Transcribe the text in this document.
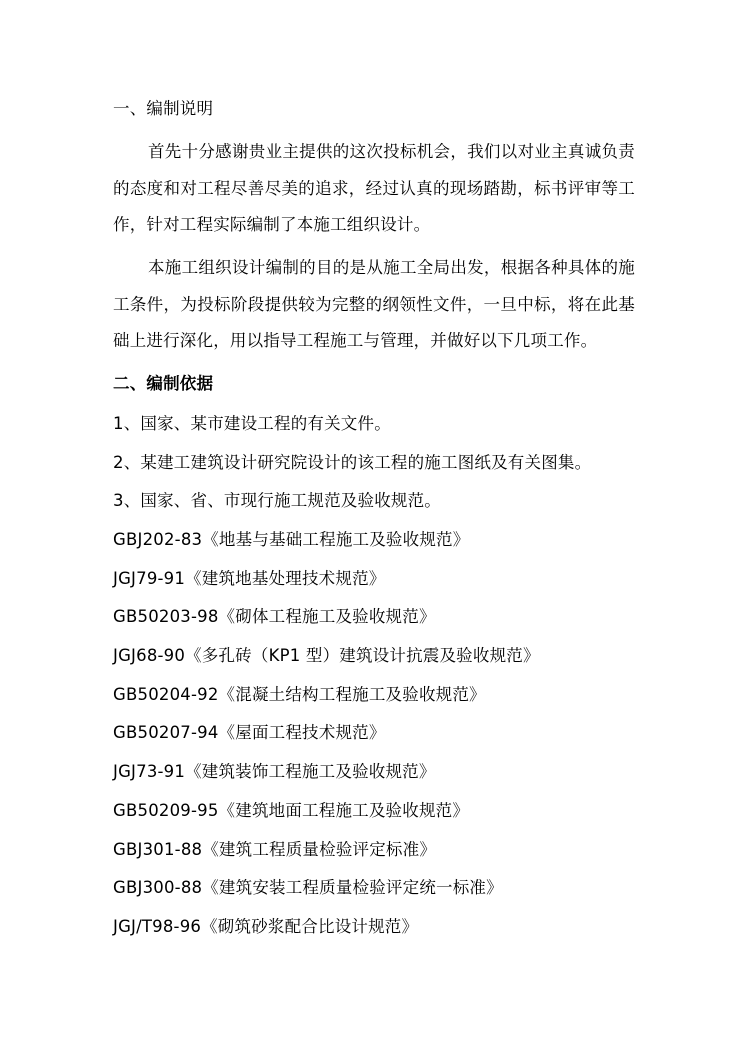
一、编制说明
首先十分感谢贵业主提供的这次投标机会，我们以对业主真诚负责的态度和对工程尽善尽美的追求，经过认真的现场踏勘，标书评审等工作，针对工程实际编制了本施工组织设计。
本施工组织设计编制的目的是从施工全局出发，根据各种具体的施工条件，为投标阶段提供较为完整的纲领性文件，一旦中标，将在此基础上进行深化，用以指导工程施工与管理，并做好以下几项工作。
二、编制依据
1、国家、某市建设工程的有关文件。
2、某建工建筑设计研究院设计的该工程的施工图纸及有关图集。
3、国家、省、市现行施工规范及验收规范。
GBJ202-83《地基与基础工程施工及验收规范》
JGJ79-91《建筑地基处理技术规范》
GB50203-98《砌体工程施工及验收规范》
JGJ68-90《多孔砖（KP1 型）建筑设计抗震及验收规范》
GB50204-92《混凝土结构工程施工及验收规范》
GB50207-94《屋面工程技术规范》
JGJ73-91《建筑装饰工程施工及验收规范》
GB50209-95《建筑地面工程施工及验收规范》
GBJ301-88《建筑工程质量检验评定标准》
GBJ300-88《建筑安装工程质量检验评定统一标准》
JGJ/T98-96《砌筑砂浆配合比设计规范》
